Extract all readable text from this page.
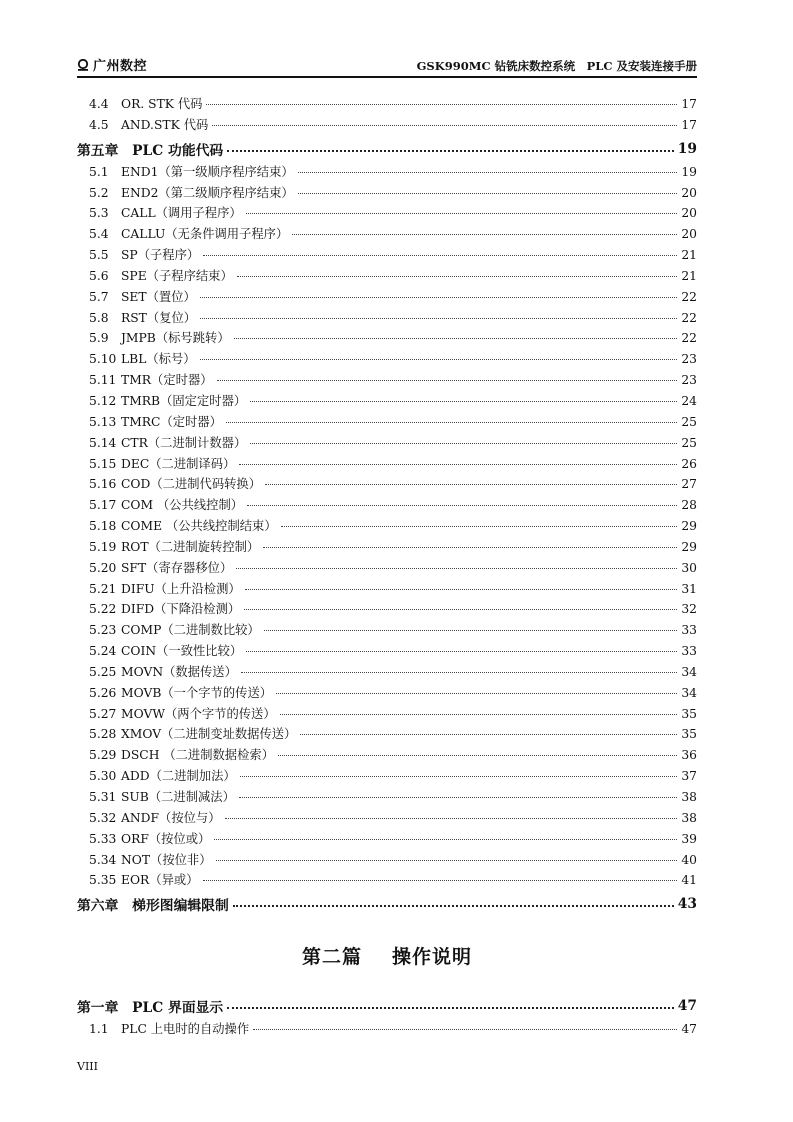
广州数控	GSK990MC 钻铣床数控系统　PLC 及安装连接手册
4.4 OR. STK 代码	17
4.5 AND.STK 代码	17
第五章　PLC 功能代码	19
5.1 END1（第一级顺序程序结束）	19
5.2 END2（第二级顺序程序结束）	20
5.3 CALL（调用子程序）	20
5.4 CALLU（无条件调用子程序）	20
5.5 SP（子程序）	21
5.6 SPE（子程序结束）	21
5.7 SET（置位）	22
5.8 RST（复位）	22
5.9 JMPB（标号跳转）	22
5.10 LBL（标号）	23
5.11 TMR（定时器）	23
5.12 TMRB（固定定时器）	24
5.13 TMRC（定时器）	25
5.14 CTR（二进制计数器）	25
5.15 DEC（二进制译码）	26
5.16 COD（二进制代码转换）	27
5.17 COM （公共线控制）	28
5.18 COME （公共线控制结束）	29
5.19 ROT（二进制旋转控制）	29
5.20 SFT（寄存器移位）	30
5.21 DIFU（上升沿检测）	31
5.22 DIFD（下降沿检测）	32
5.23 COMP（二进制数比较）	33
5.24 COIN（一致性比较）	33
5.25 MOVN（数据传送）	34
5.26 MOVB（一个字节的传送）	34
5.27 MOVW（两个字节的传送）	35
5.28 XMOV（二进制变址数据传送）	35
5.29 DSCH （二进制数据检索）	36
5.30 ADD（二进制加法）	37
5.31 SUB（二进制减法）	38
5.32 ANDF（按位与）	38
5.33 ORF（按位或）	39
5.34 NOT（按位非）	40
5.35 EOR（异或）	41
第六章　梯形图编辑限制	43
第二篇 操作说明
第一章　PLC 界面显示	47
1.1 PLC 上电时的自动操作	47
VIII
